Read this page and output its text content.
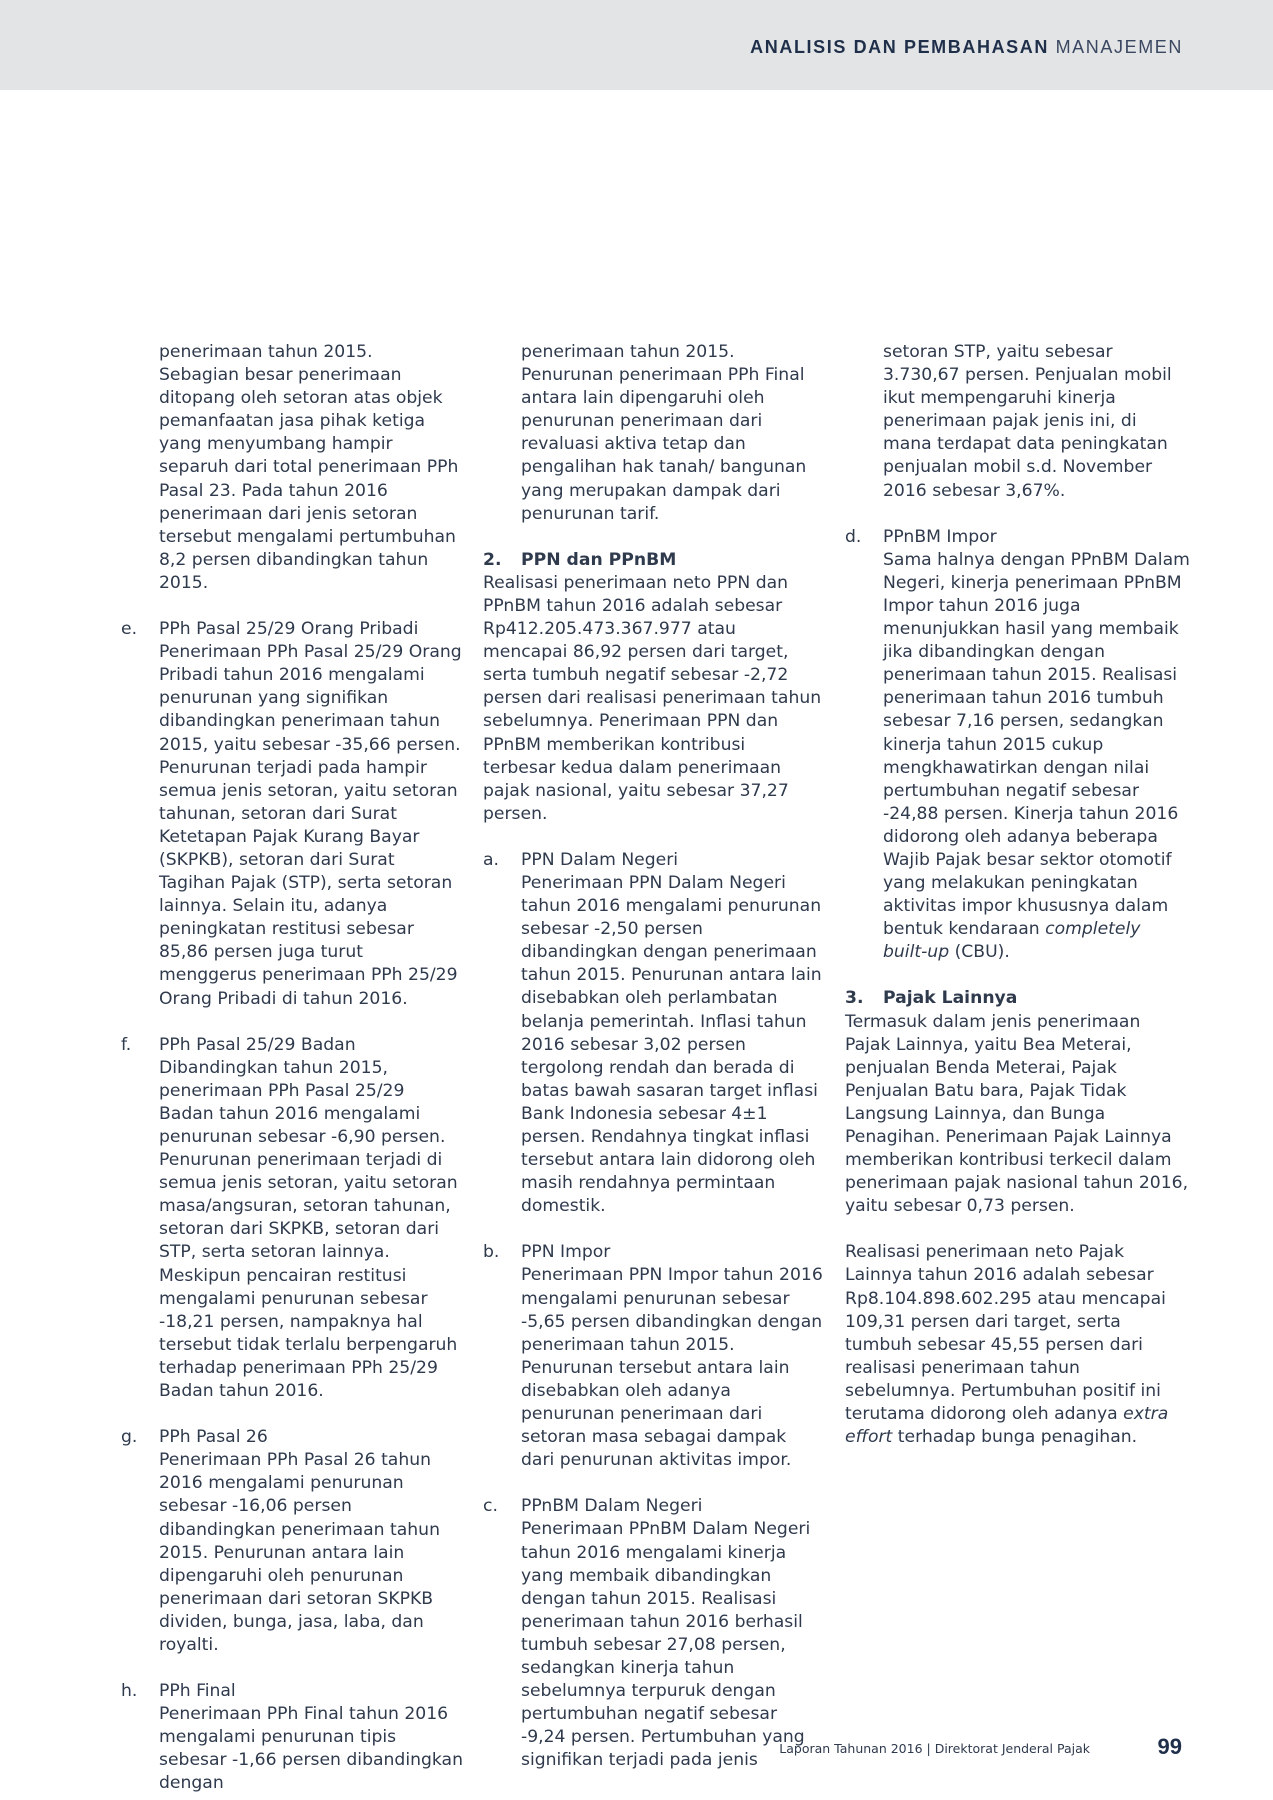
ANALISIS DAN PEMBAHASAN MANAJEMEN

penerimaan tahun 2015.

Sebagian besar penerimaan ditopang oleh setoran atas objek pemanfaatan jasa pihak ketiga yang menyumbang hampir separuh dari total penerimaan PPh Pasal 23. Pada tahun 2016 penerimaan dari jenis setoran tersebut mengalami pertumbuhan 8,2 persen dibandingkan tahun 2015.

e. PPh Pasal 25/29 Orang Pribadi

Penerimaan PPh Pasal 25/29 Orang Pribadi tahun 2016 mengalami penurunan yang signifikan dibandingkan penerimaan tahun 2015, yaitu sebesar -35,66 persen. Penurunan terjadi pada hampir semua jenis setoran, yaitu setoran tahunan, setoran dari Surat Ketetapan Pajak Kurang Bayar (SKPKB), setoran dari Surat Tagihan Pajak (STP), serta setoran lainnya. Selain itu, adanya peningkatan restitusi sebesar 85,86 persen juga turut menggerus penerimaan PPh 25/29 Orang Pribadi di tahun 2016.

f. PPh Pasal 25/29 Badan

Dibandingkan tahun 2015, penerimaan PPh Pasal 25/29 Badan tahun 2016 mengalami penurunan sebesar -6,90 persen. Penurunan penerimaan terjadi di semua jenis setoran, yaitu setoran masa/angsuran, setoran tahunan, setoran dari SKPKB, setoran dari STP, serta setoran lainnya. Meskipun pencairan restitusi mengalami penurunan sebesar -18,21 persen, nampaknya hal tersebut tidak terlalu berpengaruh terhadap penerimaan PPh 25/29 Badan tahun 2016.

g. PPh Pasal 26

Penerimaan PPh Pasal 26 tahun 2016 mengalami penurunan sebesar -16,06 persen dibandingkan penerimaan tahun 2015. Penurunan antara lain dipengaruhi oleh penurunan penerimaan dari setoran SKPKB dividen, bunga, jasa, laba, dan royalti.

h. PPh Final

Penerimaan PPh Final tahun 2016 mengalami penurunan tipis sebesar -1,66 persen dibandingkan dengan

penerimaan tahun 2015. Penurunan penerimaan PPh Final antara lain dipengaruhi oleh penurunan penerimaan dari revaluasi aktiva tetap dan pengalihan hak tanah/ bangunan yang merupakan dampak dari penurunan tarif.

2. PPN dan PPnBM

Realisasi penerimaan neto PPN dan PPnBM tahun 2016 adalah sebesar Rp412.205.473.367.977 atau mencapai 86,92 persen dari target, serta tumbuh negatif sebesar -2,72 persen dari realisasi penerimaan tahun sebelumnya. Penerimaan PPN dan PPnBM memberikan kontribusi terbesar kedua dalam penerimaan pajak nasional, yaitu sebesar 37,27 persen.

a. PPN Dalam Negeri

Penerimaan PPN Dalam Negeri tahun 2016 mengalami penurunan sebesar -2,50 persen dibandingkan dengan penerimaan tahun 2015. Penurunan antara lain disebabkan oleh perlambatan belanja pemerintah. Inflasi tahun 2016 sebesar 3,02 persen tergolong rendah dan berada di batas bawah sasaran target inflasi Bank Indonesia sebesar 4±1 persen. Rendahnya tingkat inflasi tersebut antara lain didorong oleh masih rendahnya permintaan domestik.

b. PPN Impor

Penerimaan PPN Impor tahun 2016 mengalami penurunan sebesar -5,65 persen dibandingkan dengan penerimaan tahun 2015. Penurunan tersebut antara lain disebabkan oleh adanya penurunan penerimaan dari setoran masa sebagai dampak dari penurunan aktivitas impor.

c. PPnBM Dalam Negeri

Penerimaan PPnBM Dalam Negeri tahun 2016 mengalami kinerja yang membaik dibandingkan dengan tahun 2015. Realisasi penerimaan tahun 2016 berhasil tumbuh sebesar 27,08 persen, sedangkan kinerja tahun sebelumnya terpuruk dengan pertumbuhan negatif sebesar -9,24 persen. Pertumbuhan yang signifikan terjadi pada jenis

setoran STP, yaitu sebesar 3.730,67 persen. Penjualan mobil ikut mempengaruhi kinerja penerimaan pajak jenis ini, di mana terdapat data peningkatan penjualan mobil s.d. November 2016 sebesar 3,67%.

d. PPnBM Impor

Sama halnya dengan PPnBM Dalam Negeri, kinerja penerimaan PPnBM Impor tahun 2016 juga menunjukkan hasil yang membaik jika dibandingkan dengan penerimaan tahun 2015. Realisasi penerimaan tahun 2016 tumbuh sebesar 7,16 persen, sedangkan kinerja tahun 2015 cukup mengkhawatirkan dengan nilai pertumbuhan negatif sebesar -24,88 persen. Kinerja tahun 2016 didorong oleh adanya beberapa Wajib Pajak besar sektor otomotif yang melakukan peningkatan aktivitas impor khususnya dalam bentuk kendaraan completely built-up (CBU).

3. Pajak Lainnya

Termasuk dalam jenis penerimaan Pajak Lainnya, yaitu Bea Meterai, penjualan Benda Meterai, Pajak Penjualan Batu bara, Pajak Tidak Langsung Lainnya, dan Bunga Penagihan. Penerimaan Pajak Lainnya memberikan kontribusi terkecil dalam penerimaan pajak nasional tahun 2016, yaitu sebesar 0,73 persen.

Realisasi penerimaan neto Pajak Lainnya tahun 2016 adalah sebesar Rp8.104.898.602.295 atau mencapai 109,31 persen dari target, serta tumbuh sebesar 45,55 persen dari realisasi penerimaan tahun sebelumnya. Pertumbuhan positif ini terutama didorong oleh adanya extra effort terhadap bunga penagihan.

Laporan Tahunan 2016 | Direktorat Jenderal Pajak	99
